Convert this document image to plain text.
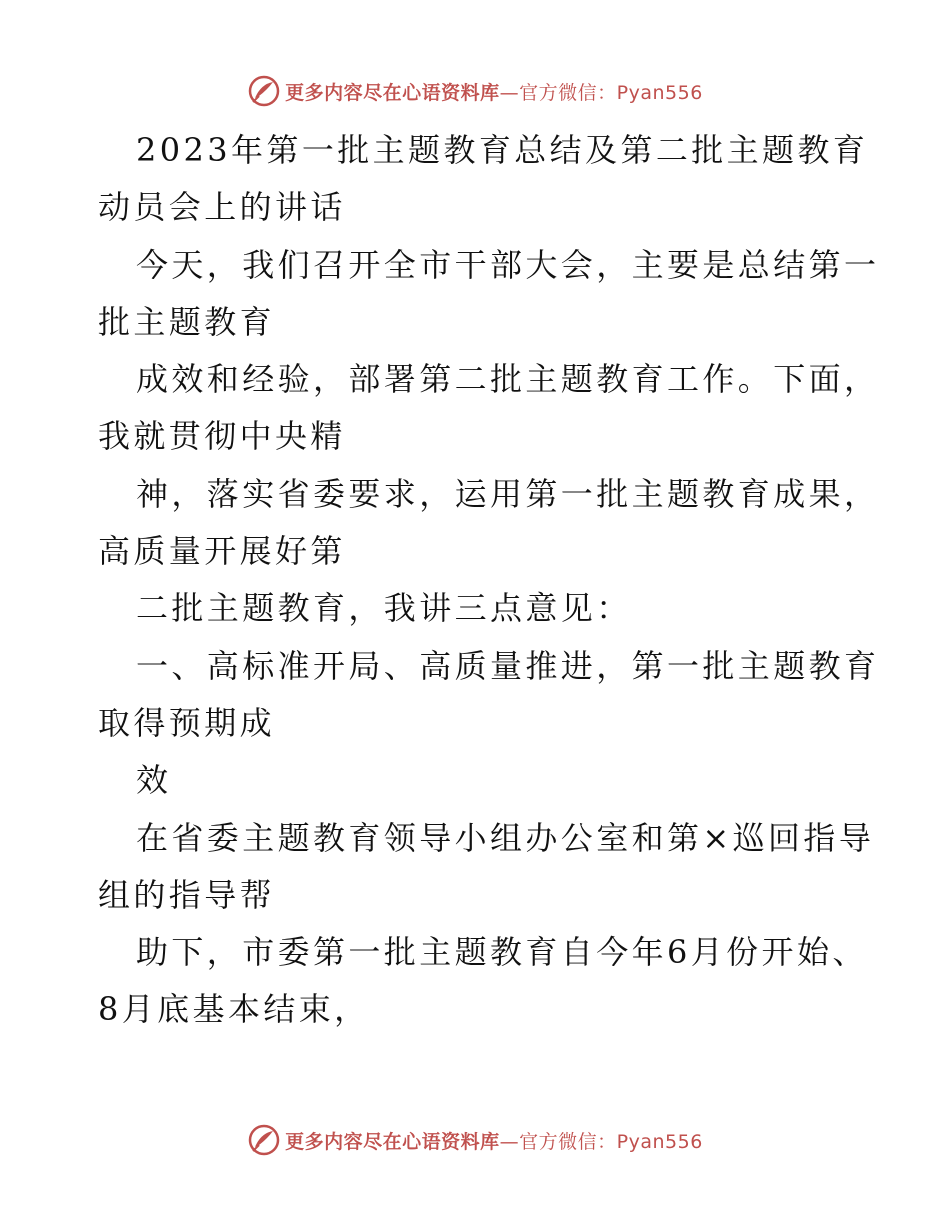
更多内容尽在心语资料库—官方微信：Pyan556
2023年第一批主题教育总结及第二批主题教育
动员会上的讲话
今天，我们召开全市干部大会，主要是总结第一
批主题教育
成效和经验，部署第二批主题教育工作。下面，
我就贯彻中央精
神，落实省委要求，运用第一批主题教育成果，
高质量开展好第
二批主题教育，我讲三点意见：
一、高标准开局、高质量推进，第一批主题教育
取得预期成
效
在省委主题教育领导小组办公室和第×巡回指导
组的指导帮
助下，市委第一批主题教育自今年6月份开始、
8月底基本结束，
更多内容尽在心语资料库—官方微信：Pyan556
